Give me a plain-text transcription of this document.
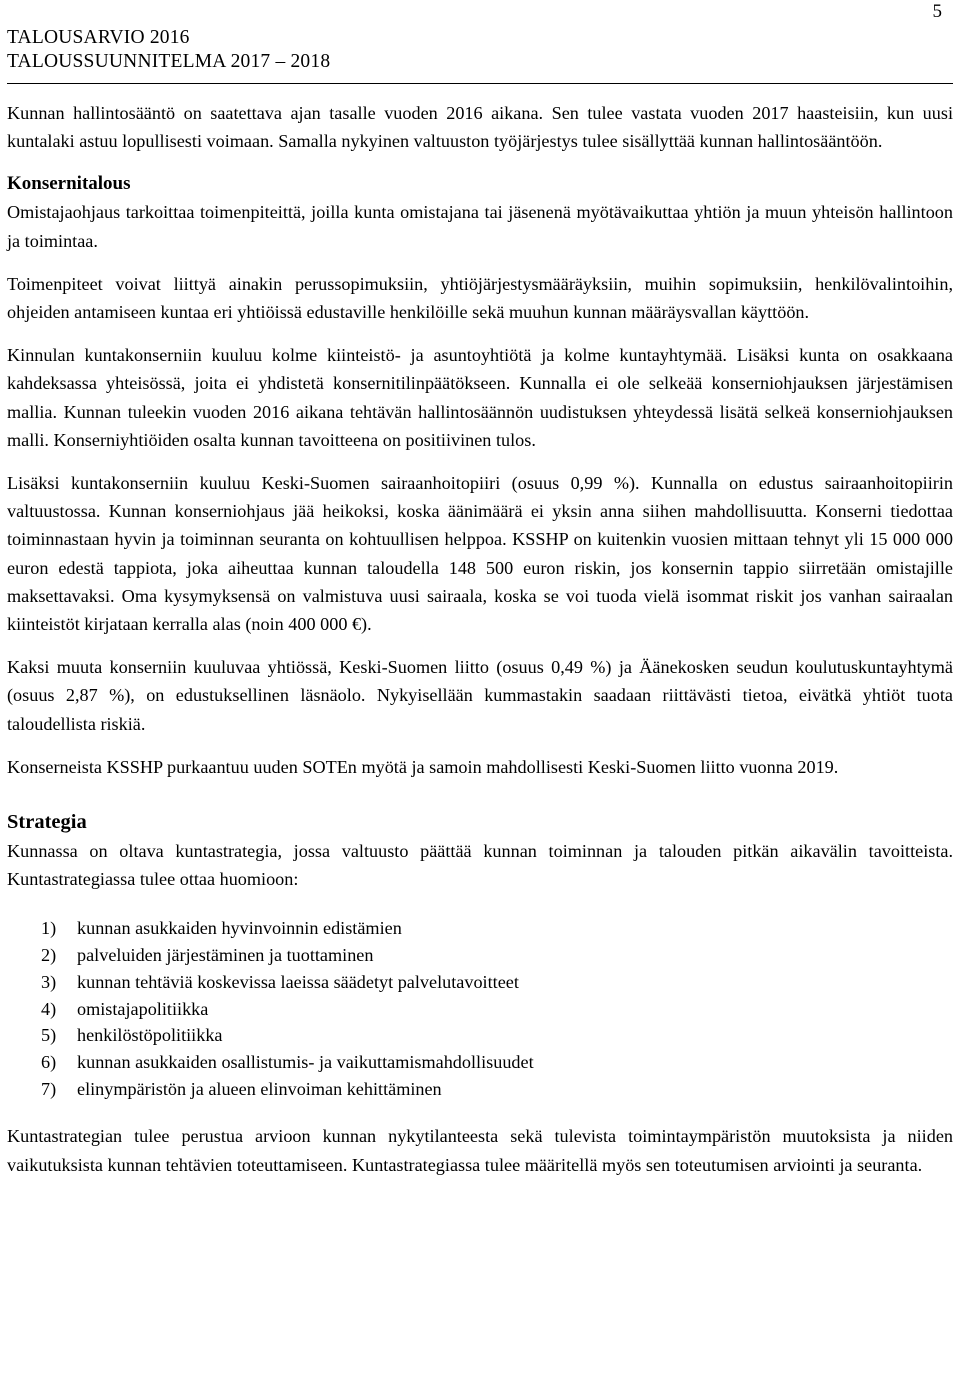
5
TALOUSARVIO 2016
TALOUSSUUNNITELMA 2017 – 2018

Kunnan hallintosääntö on saatettava ajan tasalle vuoden 2016 aikana. Sen tulee vastata vuoden 2017 haasteisiin, kun uusi kuntalaki astuu lopullisesti voimaan. Samalla nykyinen valtuuston työjärjestys tulee sisällyttää kunnan hallintosääntöön.

Konsernitalous

Omistajaohjaus tarkoittaa toimenpiteittä, joilla kunta omistajana tai jäsenenä myötävaikuttaa yhtiön ja muun yhteisön hallintoon ja toimintaa.

Toimenpiteet voivat liittyä ainakin perussopimuksiin, yhtiöjärjestysmääräyksiin, muihin sopimuksiin, henkilövalintoihin, ohjeiden antamiseen kuntaa eri yhtiöissä edustaville henkilöille sekä muuhun kunnan määräysvallan käyttöön.

Kinnulan kuntakonserniin kuuluu kolme kiinteistö- ja asuntoyhtiötä ja kolme kuntayhtymää. Lisäksi kunta on osakkaana kahdeksassa yhteisössä, joita ei yhdistetä konsernitilinpäätökseen. Kunnalla ei ole selkeää konserniohjauksen järjestämisen mallia. Kunnan tuleekin vuoden 2016 aikana tehtävän hallintosäännön uudistuksen yhteydessä lisätä selkeä konserniohjauksen malli. Konserniyhtiöiden osalta kunnan tavoitteena on positiivinen tulos.

Lisäksi kuntakonserniin kuuluu Keski-Suomen sairaanhoitopiiri (osuus 0,99 %). Kunnalla on edustus sairaanhoitopiirin valtuustossa. Kunnan konserniohjaus jää heikoksi, koska äänimäärä ei yksin anna siihen mahdollisuutta. Konserni tiedottaa toiminnastaan hyvin ja toiminnan seuranta on kohtuullisen helppoa. KSSHP on kuitenkin vuosien mittaan tehnyt yli 15 000 000 euron edestä tappiota, joka aiheuttaa kunnan taloudella 148 500 euron riskin, jos konsernin tappio siirretään omistajille maksettavaksi. Oma kysymyksensä on valmistuva uusi sairaala, koska se voi tuoda vielä isommat riskit jos vanhan sairaalan kiinteistöt kirjataan kerralla alas (noin 400 000 €).

Kaksi muuta konserniin kuuluvaa yhtiössä, Keski-Suomen liitto (osuus 0,49 %) ja Äänekosken seudun koulutuskuntayhtymä (osuus 2,87 %), on edustuksellinen läsnäolo. Nykyisellään kummastakin saadaan riittävästi tietoa, eivätkä yhtiöt tuota taloudellista riskiä.

Konserneista KSSHP purkaantuu uuden SOTEn myötä ja samoin mahdollisesti Keski-Suomen liitto vuonna 2019.

Strategia

Kunnassa on oltava kuntastrategia, jossa valtuusto päättää kunnan toiminnan ja talouden pitkän aikavälin tavoitteista. Kuntastrategiassa tulee ottaa huomioon:

1)	kunnan asukkaiden hyvinvoinnin edistämien
2)	palveluiden järjestäminen ja tuottaminen
3)	kunnan tehtäviä koskevissa laeissa säädetyt palvelutavoitteet
4)	omistajapolitiikka
5)	henkilöstöpolitiikka
6)	kunnan asukkaiden osallistumis- ja vaikuttamismahdollisuudet
7)	elinympäristön ja alueen elinvoiman kehittäminen

Kuntastrategian tulee perustua arvioon kunnan nykytilanteesta sekä tulevista toimintaympäristön muutoksista ja niiden vaikutuksista kunnan tehtävien toteuttamiseen. Kuntastrategiassa tulee määritellä myös sen toteutumisen arviointi ja seuranta.
